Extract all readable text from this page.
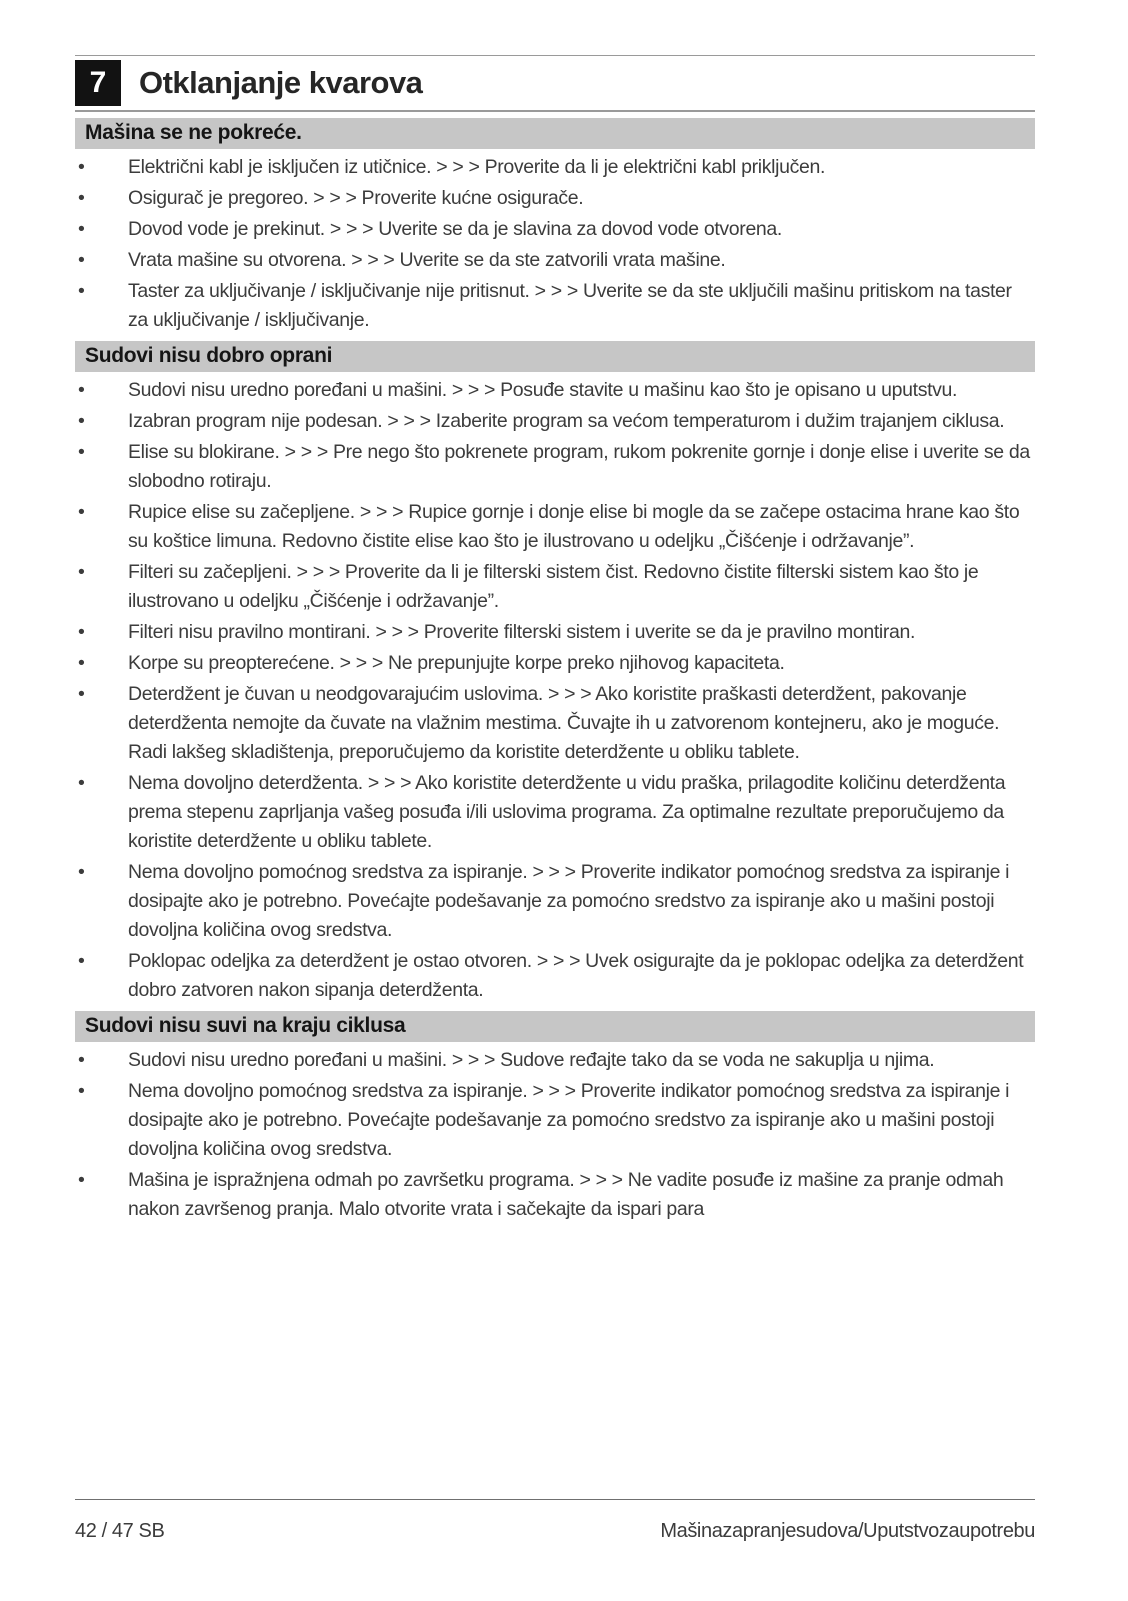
7	Otklanjanje kvarova
Mašina se ne pokreće.
• Električni kabl je isključen iz utičnice. > > > Proverite da li je električni kabl priključen.
• Osigurač je pregoreo. > > > Proverite kućne osigurače.
• Dovod vode je prekinut. > > > Uverite se da je slavina za dovod vode otvorena.
• Vrata mašine su otvorena. > > > Uverite se da ste zatvorili vrata mašine.
• Taster za uključivanje / isključivanje nije pritisnut. > > > Uverite se da ste uključili mašinu pritiskom na taster za uključivanje / isključivanje.
Sudovi nisu dobro oprani
• Sudovi nisu uredno poređani u mašini. > > > Posuđe stavite u mašinu kao što je opisano u uputstvu.
• Izabran program nije podesan. > > > Izaberite program sa većom temperaturom i dužim trajanjem ciklusa.
• Elise su blokirane. > > > Pre nego što pokrenete program, rukom pokrenite gornje i donje elise i uverite se da slobodno rotiraju.
• Rupice elise su začepljene. > > > Rupice gornje i donje elise bi mogle da se začepe ostacima hrane kao što su koštice limuna. Redovno čistite elise kao što je ilustrovano u odeljku „Čišćenje i održavanje”.
• Filteri su začepljeni. > > > Proverite da li je filterski sistem čist. Redovno čistite filterski sistem kao što je ilustrovano u odeljku „Čišćenje i održavanje”.
• Filteri nisu pravilno montirani. > > > Proverite filterski sistem i uverite se da je pravilno montiran.
• Korpe su preopterećene. > > > Ne prepunjujte korpe preko njihovog kapaciteta.
• Deterdžent je čuvan u neodgovarajućim uslovima. > > > Ako koristite praškasti deterdžent, pakovanje deterdženta nemojte da čuvate na vlažnim mestima. Čuvajte ih u zatvorenom kontejneru, ako je moguće. Radi lakšeg skladištenja, preporučujemo da koristite deterdžente u obliku tablete.
• Nema dovoljno deterdženta. > > > Ako koristite deterdžente u vidu praška, prilagodite količinu deterdženta prema stepenu zaprljanja vašeg posuđa i/ili uslovima programa. Za optimalne rezultate preporučujemo da koristite deterdžente u obliku tablete.
• Nema dovoljno pomoćnog sredstva za ispiranje. > > > Proverite indikator pomoćnog sredstva za ispiranje i dosipajte ako je potrebno. Povećajte podešavanje za pomoćno sredstvo za ispiranje ako u mašini postoji dovoljna količina ovog sredstva.
• Poklopac odeljka za deterdžent je ostao otvoren. > > > Uvek osigurajte da je poklopac odeljka za deterdžent dobro zatvoren nakon sipanja deterdženta.
Sudovi nisu suvi na kraju ciklusa
• Sudovi nisu uredno poređani u mašini. > > > Sudove ređajte tako da se voda ne sakuplja u njima.
• Nema dovoljno pomoćnog sredstva za ispiranje. > > > Proverite indikator pomoćnog sredstva za ispiranje i dosipajte ako je potrebno. Povećajte podešavanje za pomoćno sredstvo za ispiranje ako u mašini postoji dovoljna količina ovog sredstva.
• Mašina je ispražnjena odmah po završetku programa. > > > Ne vadite posuđe iz mašine za pranje odmah nakon završenog pranja. Malo otvorite vrata i sačekajte da ispari para
42 / 47 SB	Mašinazapranjesudova/Uputstvozaupotrebu
